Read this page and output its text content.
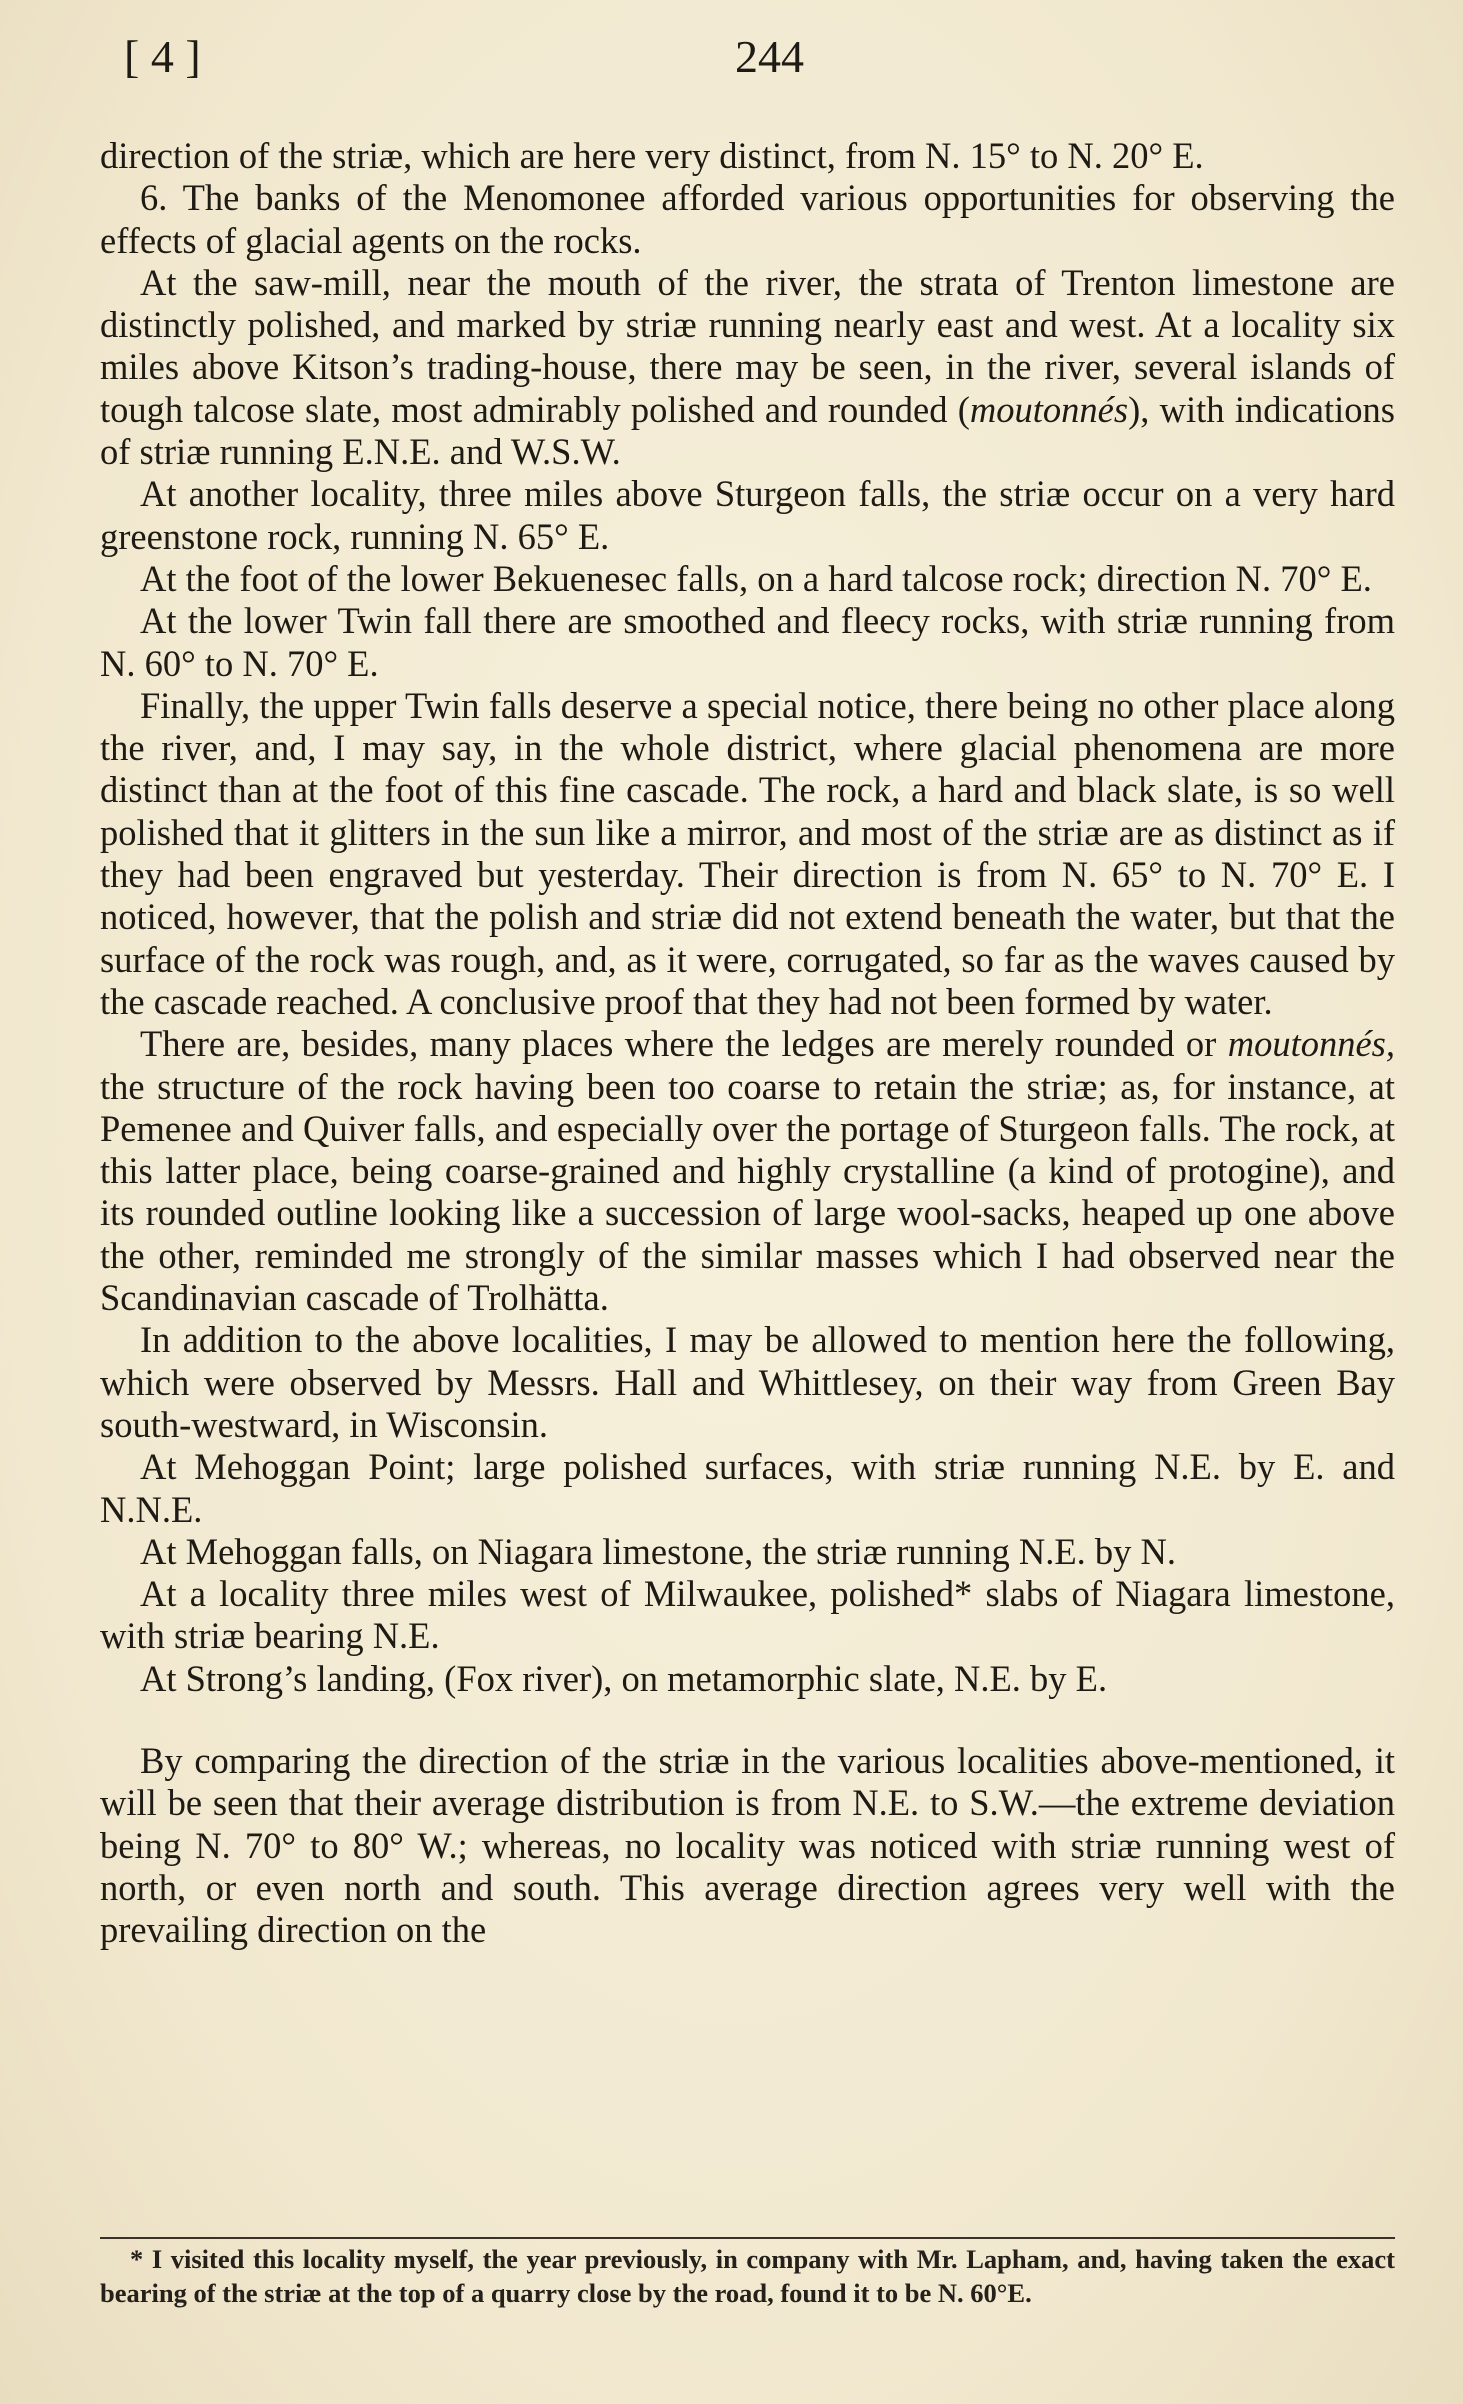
[ 4 ]	244

direction of the striæ, which are here very distinct, from N. 15° to N. 20° E.

6. The banks of the Menomonee afforded various opportunities for observing the effects of glacial agents on the rocks.

At the saw-mill, near the mouth of the river, the strata of Trenton limestone are distinctly polished, and marked by striæ running nearly east and west. At a locality six miles above Kitson’s trading-house, there may be seen, in the river, several islands of tough talcose slate, most admirably polished and rounded (moutonnés), with indications of striæ running E.N.E. and W.S.W.

At another locality, three miles above Sturgeon falls, the striæ occur on a very hard greenstone rock, running N. 65° E.

At the foot of the lower Bekuenesec falls, on a hard talcose rock; direction N. 70° E.

At the lower Twin fall there are smoothed and fleecy rocks, with striæ running from N. 60° to N. 70° E.

Finally, the upper Twin falls deserve a special notice, there being no other place along the river, and, I may say, in the whole district, where glacial phenomena are more distinct than at the foot of this fine cascade. The rock, a hard and black slate, is so well polished that it glitters in the sun like a mirror, and most of the striæ are as distinct as if they had been engraved but yesterday. Their direction is from N. 65° to N. 70° E. I noticed, however, that the polish and striæ did not extend beneath the water, but that the surface of the rock was rough, and, as it were, corrugated, so far as the waves caused by the cascade reached. A conclusive proof that they had not been formed by water.

There are, besides, many places where the ledges are merely rounded or moutonnés, the structure of the rock having been too coarse to retain the striæ; as, for instance, at Pemenee and Quiver falls, and especially over the portage of Sturgeon falls. The rock, at this latter place, being coarse-grained and highly crystalline (a kind of protogine), and its rounded outline looking like a succession of large wool-sacks, heaped up one above the other, reminded me strongly of the similar masses which I had observed near the Scandinavian cascade of Trolhätta.

In addition to the above localities, I may be allowed to mention here the following, which were observed by Messrs. Hall and Whittlesey, on their way from Green Bay south-westward, in Wisconsin.

At Mehoggan Point; large polished surfaces, with striæ running N.E. by E. and N.N.E.

At Mehoggan falls, on Niagara limestone, the striæ running N.E. by N.

At a locality three miles west of Milwaukee, polished* slabs of Niagara limestone, with striæ bearing N.E.

At Strong’s landing, (Fox river), on metamorphic slate, N.E. by E.

By comparing the direction of the striæ in the various localities above-mentioned, it will be seen that their average distribution is from N.E. to S.W.—the extreme deviation being N. 70° to 80° W.; whereas, no locality was noticed with striæ running west of north, or even north and south. This average direction agrees very well with the prevailing direction on the

* I visited this locality myself, the year previously, in company with Mr. Lapham, and, having taken the exact bearing of the striæ at the top of a quarry close by the road, found it to be N. 60°E.
